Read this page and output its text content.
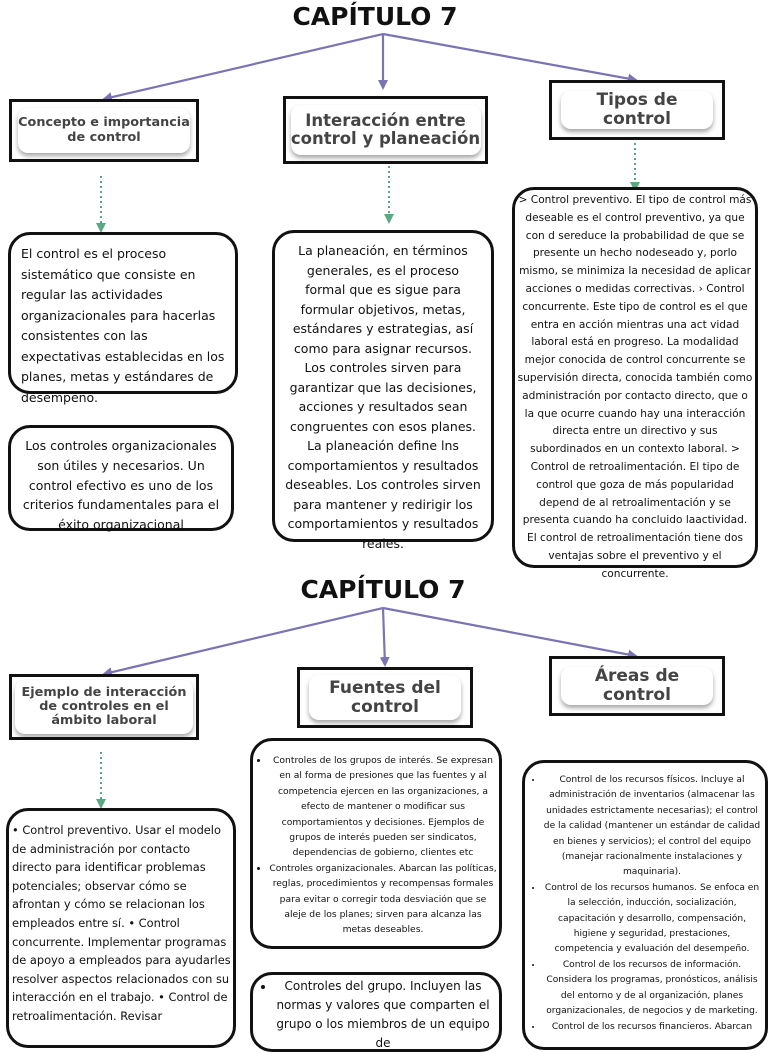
CAPÍTULO 7
Concepto e importancia de control
Interacción entre control y planeación
Tipos de control
El control es el proceso sistemático que consiste en regular las actividades organizacionales para hacerlas consistentes con las expectativas establecidas en los planes, metas y estándares de desempeño.
Los controles organizacionales son útiles y necesarios. Un control efectivo es uno de los criterios fundamentales para el éxito organizacional
La planeación, en términos generales, es el proceso formal que es sigue para formular objetivos, metas, estándares y estrategias, así como para asignar recursos. Los controles sirven para garantizar que las decisiones, acciones y resultados sean congruentes con esos planes. La planeación define lns comportamientos y resultados deseables. Los controles sirven para mantener y redirigir los comportamientos y resultados reales.
> Control preventivo. El tipo de control más deseable es el control preventivo, ya que con d sereduce la probabilidad de que se presente un hecho nodeseado y, porlo mismo, se minimiza la necesidad de aplicar acciones o medidas correctivas. › Control concurrente. Este tipo de control es el que entra en acción mientras una act vidad laboral está en progreso. La modalidad mejor conocida de control concurrente se supervisión directa, conocida también como administración por contacto directo, que o la que ocurre cuando hay una interacción directa entre un directivo y sus subordinados en un contexto laboral. > Control de retroalimentación. El tipo de control que goza de más popularidad depend de al retroalimentación y se presenta cuando ha concluido laactividad. El control de retroalimentación tiene dos ventajas sobre el preventivo y el concurrente.
CAPÍTULO 7
Ejemplo de interacción de controles en el ámbito laboral
Fuentes del control
Áreas de control
• Control preventivo. Usar el modelo de administración por contacto directo para identificar problemas potenciales; observar cómo se afrontan y cómo se relacionan los empleados entre sí. • Control concurrente. Implementar programas de apoyo a empleados para ayudarles resolver aspectos relacionados con su interacción en el trabajo. • Control de retroalimentación. Revisar
• Controles de los grupos de interés. Se expresan en al forma de presiones que las fuentes y al competencia ejercen en las organizaciones, a efecto de mantener o modificar sus comportamientos y decisiones. Ejemplos de grupos de interés pueden ser sindicatos, dependencias de gobierno, clientes etc
• Controles organizacionales. Abarcan las políticas, reglas, procedimientos y recompensas formales para evitar o corregir toda desviación que se aleje de los planes; sirven para alcanza las metas deseables.
• Controles del grupo. Incluyen las normas y valores que comparten el grupo o los miembros de un equipo de
• Control de los recursos físicos. Incluye al administración de inventarios (almacenar las unidades estrictamente necesarias); el control de la calidad (mantener un estándar de calidad en bienes y servicios); el control del equipo (manejar racionalmente instalaciones y maquinaria).
• Control de los recursos humanos. Se enfoca en la selección, inducción, socialización, capacitación y desarrollo, compensación, higiene y seguridad, prestaciones, competencia y evaluación del desempeño.
• Control de los recursos de información. Considera los programas, pronósticos, análisis del entorno y de al organización, planes organizacionales, de negocios y de marketing.
• Control de los recursos financieros. Abarcan
